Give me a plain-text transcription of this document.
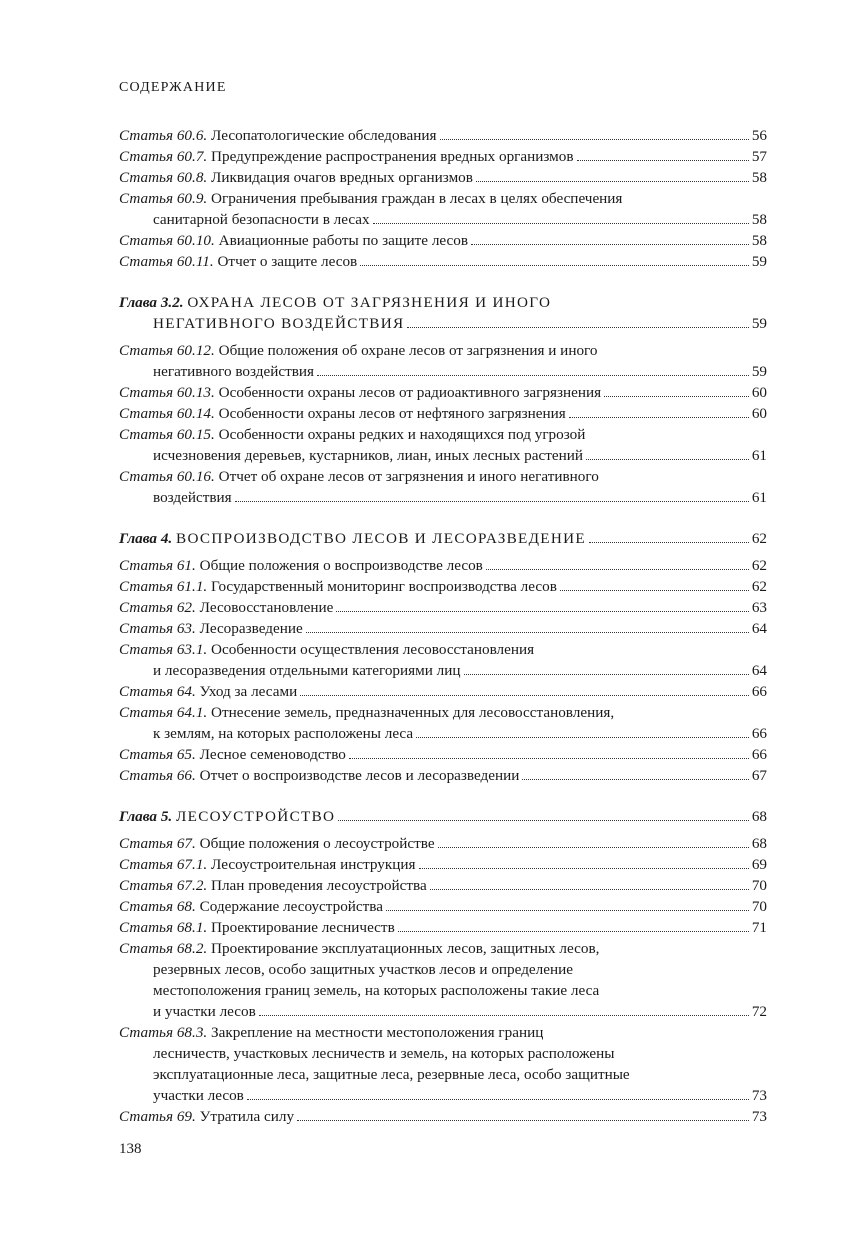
СОДЕРЖАНИЕ
Статья 60.6. Лесопатологические обследования	56
Статья 60.7. Предупреждение распространения вредных организмов	57
Статья 60.8. Ликвидация очагов вредных организмов	58
Статья 60.9. Ограничения пребывания граждан в лесах в целях обеспечения
санитарной безопасности в лесах	58
Статья 60.10. Авиационные работы по защите лесов	58
Статья 60.11. Отчет о защите лесов	59
Глава 3.2. ОХРАНА ЛЕСОВ ОТ ЗАГРЯЗНЕНИЯ И ИНОГО
НЕГАТИВНОГО ВОЗДЕЙСТВИЯ	59
Статья 60.12. Общие положения об охране лесов от загрязнения и иного
негативного воздействия	59
Статья 60.13. Особенности охраны лесов от радиоактивного загрязнения	60
Статья 60.14. Особенности охраны лесов от нефтяного загрязнения	60
Статья 60.15. Особенности охраны редких и находящихся под угрозой
исчезновения деревьев, кустарников, лиан, иных лесных растений	61
Статья 60.16. Отчет об охране лесов от загрязнения и иного негативного
воздействия	61
Глава 4. ВОСПРОИЗВОДСТВО ЛЕСОВ И ЛЕСОРАЗВЕДЕНИЕ	62
Статья 61. Общие положения о воспроизводстве лесов	62
Статья 61.1. Государственный мониторинг воспроизводства лесов	62
Статья 62. Лесовосстановление	63
Статья 63. Лесоразведение	64
Статья 63.1. Особенности осуществления лесовосстановления
и лесоразведения отдельными категориями лиц	64
Статья 64. Уход за лесами	66
Статья 64.1. Отнесение земель, предназначенных для лесовосстановления,
к землям, на которых расположены леса	66
Статья 65. Лесное семеноводство	66
Статья 66. Отчет о воспроизводстве лесов и лесоразведении	67
Глава 5. ЛЕСОУСТРОЙСТВО	68
Статья 67. Общие положения о лесоустройстве	68
Статья 67.1. Лесоустроительная инструкция	69
Статья 67.2. План проведения лесоустройства	70
Статья 68. Содержание лесоустройства	70
Статья 68.1. Проектирование лесничеств	71
Статья 68.2. Проектирование эксплуатационных лесов, защитных лесов,
резервных лесов, особо защитных участков лесов и определение
местоположения границ земель, на которых расположены такие леса
и участки лесов	72
Статья 68.3. Закрепление на местности местоположения границ
лесничеств, участковых лесничеств и земель, на которых расположены
эксплуатационные леса, защитные леса, резервные леса, особо защитные
участки лесов	73
Статья 69. Утратила силу	73
138
